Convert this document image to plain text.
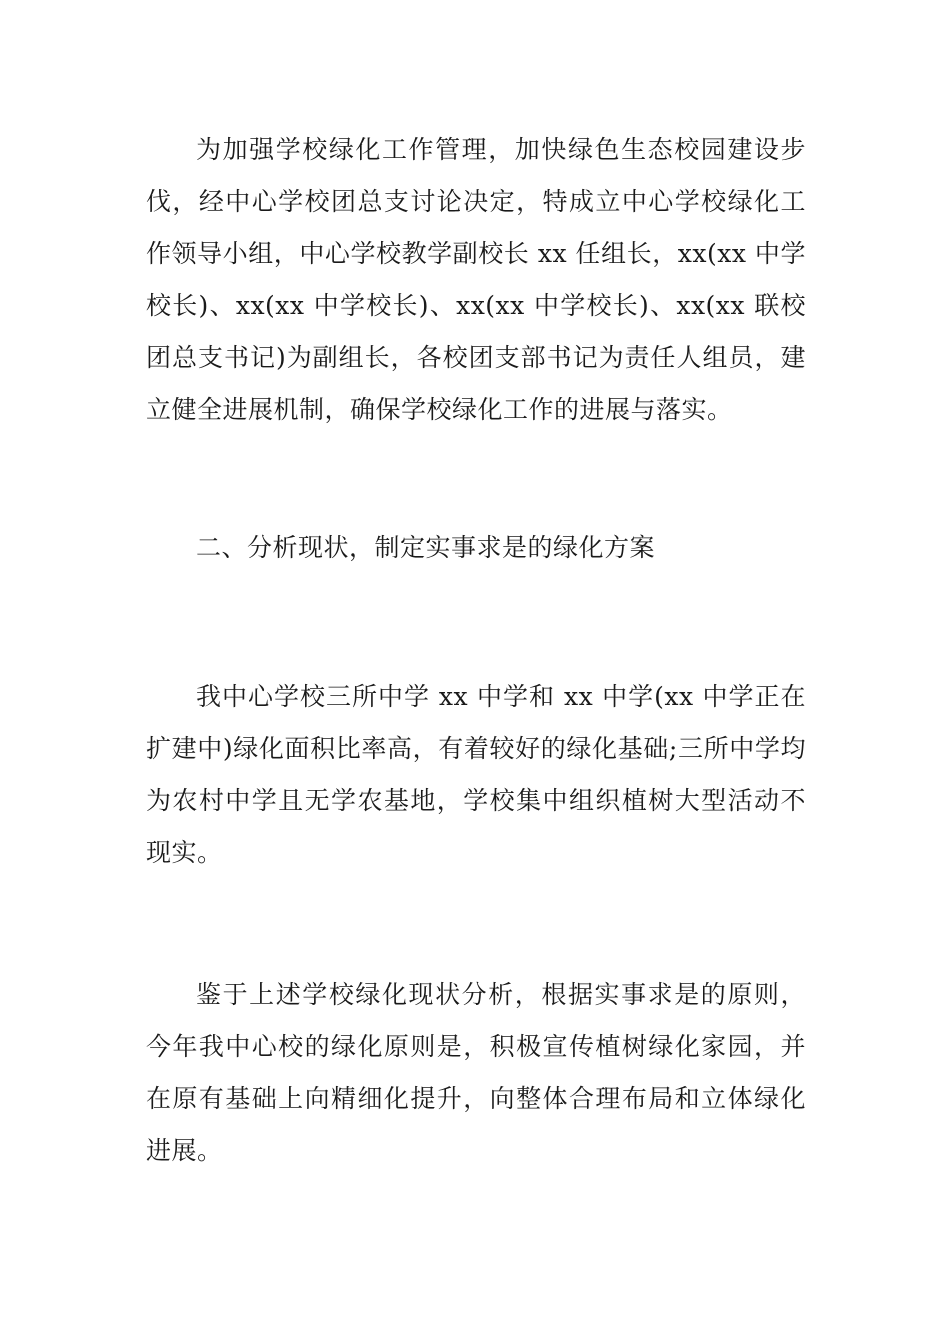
为加强学校绿化工作管理，加快绿色生态校园建设步伐，经中心学校团总支讨论决定，特成立中心学校绿化工作领导小组，中心学校教学副校长 xx 任组长，xx(xx 中学校长)、xx(xx 中学校长)、xx(xx 中学校长)、xx(xx 联校团总支书记)为副组长，各校团支部书记为责任人组员，建立健全进展机制，确保学校绿化工作的进展与落实。

二、分析现状，制定实事求是的绿化方案

我中心学校三所中学 xx 中学和 xx 中学(xx 中学正在扩建中)绿化面积比率高，有着较好的绿化基础;三所中学均为农村中学且无学农基地，学校集中组织植树大型活动不现实。

鉴于上述学校绿化现状分析，根据实事求是的原则，今年我中心校的绿化原则是，积极宣传植树绿化家园，并在原有基础上向精细化提升，向整体合理布局和立体绿化进展。
